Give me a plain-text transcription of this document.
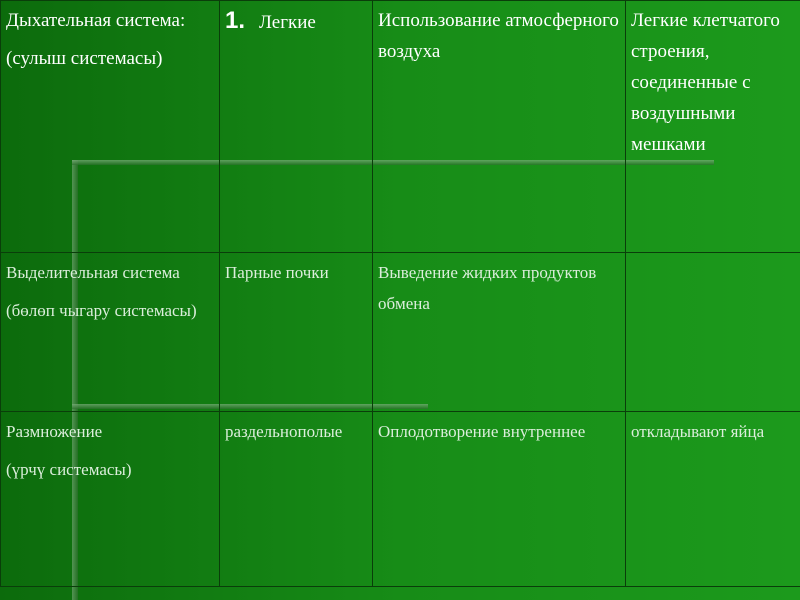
Дыхательная система:
(сулыш системасы)	1. Легкие	Использование атмосферного воздуха	Легкие клетчатого строения, соединенные с воздушными мешками

Выделительная система
(бөлөп чыгару системасы)	Парные почки	Выведение жидких продуктов обмена	

Размножение
(үрчү системасы)	раздельнополые	Оплодотворение внутреннее	откладывают яйца
